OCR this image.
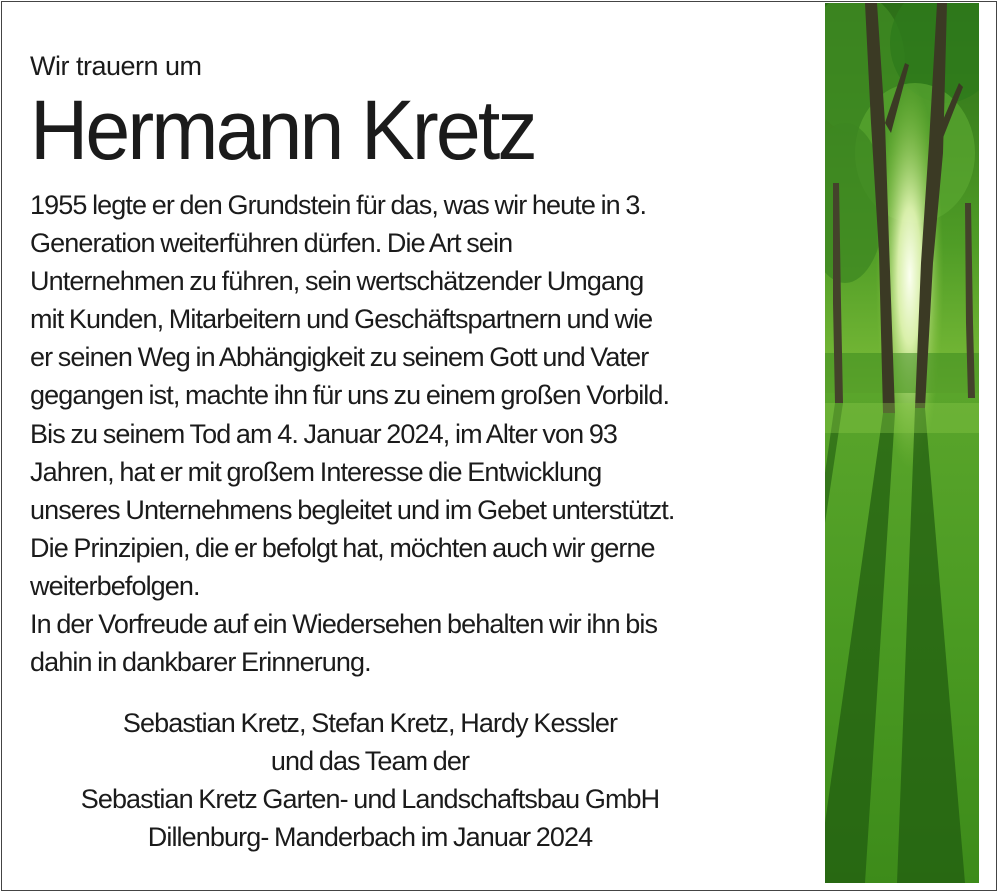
Wir trauern um

Hermann Kretz
1955 legte er den Grundstein für das, was wir heute in 3.
Generation weiterführen dürfen. Die Art sein
Unternehmen zu führen, sein wertschätzender Umgang
mit Kunden, Mitarbeitern und Geschäftspartnern und wie
er seinen Weg in Abhängigkeit zu seinem Gott und Vater
gegangen ist, machte ihn für uns zu einem großen Vorbild.
Bis zu seinem Tod am 4. Januar 2024, im Alter von 93
Jahren, hat er mit großem Interesse die Entwicklung
unseres Unternehmens begleitet und im Gebet unterstützt.
Die Prinzipien, die er befolgt hat, möchten auch wir gerne
weiterbefolgen.
In der Vorfreude auf ein Wiedersehen behalten wir ihn bis
dahin in dankbarer Erinnerung.
Sebastian Kretz, Stefan Kretz, Hardy Kessler
und das Team der
Sebastian Kretz Garten- und Landschaftsbau GmbH
Dillenburg- Manderbach im Januar 2024
